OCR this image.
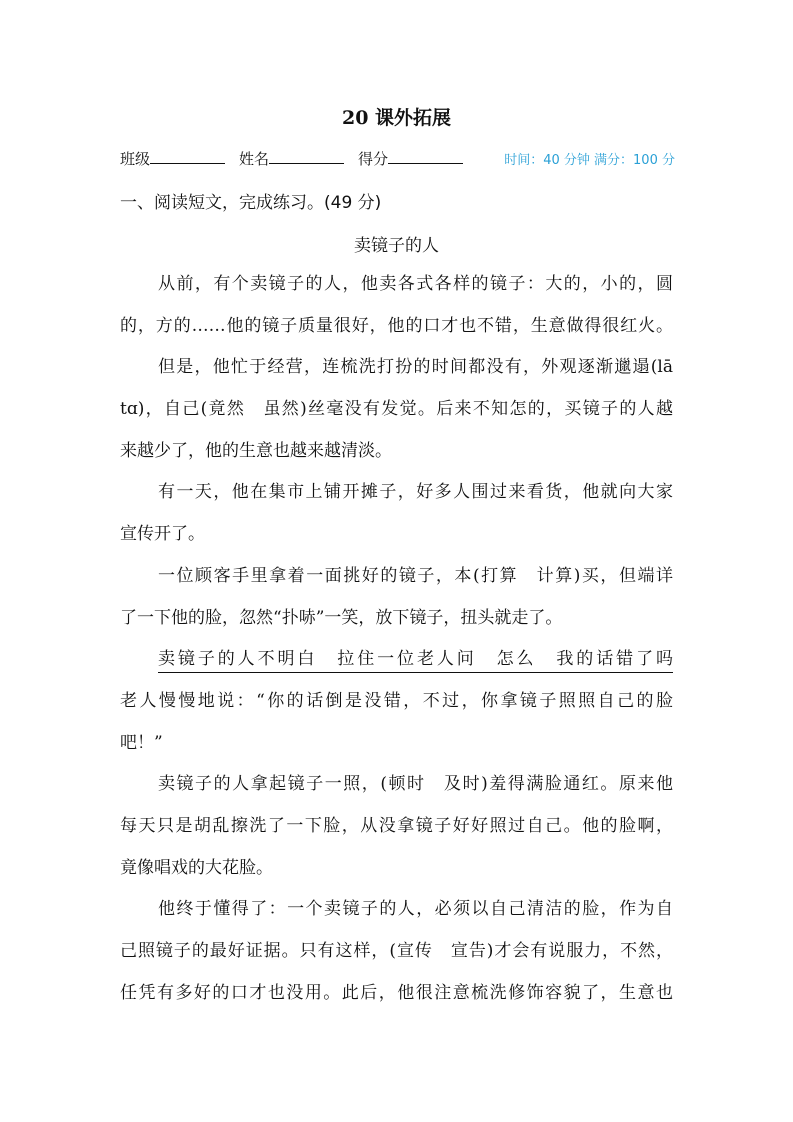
20 课外拓展
班级	姓名	得分	时间：40 分钟 满分：100 分
一、阅读短文，完成练习。(49 分)
卖镜子的人
从前，有个卖镜子的人，他卖各式各样的镜子：大的，小的，圆
的，方的……他的镜子质量很好，他的口才也不错，生意做得很红火。
但是，他忙于经营，连梳洗打扮的时间都没有，外观逐渐邋遢(lā
tɑ)，自己(竟然　虽然)丝毫没有发觉。后来不知怎的，买镜子的人越
来越少了，他的生意也越来越清淡。
有一天，他在集市上铺开摊子，好多人围过来看货，他就向大家
宣传开了。
一位顾客手里拿着一面挑好的镜子，本(打算　计算)买，但端详
了一下他的脸，忽然“扑哧”一笑，放下镜子，扭头就走了。
卖镜子的人不明白　拉住一位老人问　怎么　我的话错了吗　
老人慢慢地说：“你的话倒是没错，不过，你拿镜子照照自己的脸
吧！”
卖镜子的人拿起镜子一照，(顿时　及时)羞得满脸通红。原来他
每天只是胡乱擦洗了一下脸，从没拿镜子好好照过自己。他的脸啊，
竟像唱戏的大花脸。
他终于懂得了：一个卖镜子的人，必须以自己清洁的脸，作为自
己照镜子的最好证据。只有这样，(宣传　宣告)才会有说服力，不然，
任凭有多好的口才也没用。此后，他很注意梳洗修饰容貌了，生意也
